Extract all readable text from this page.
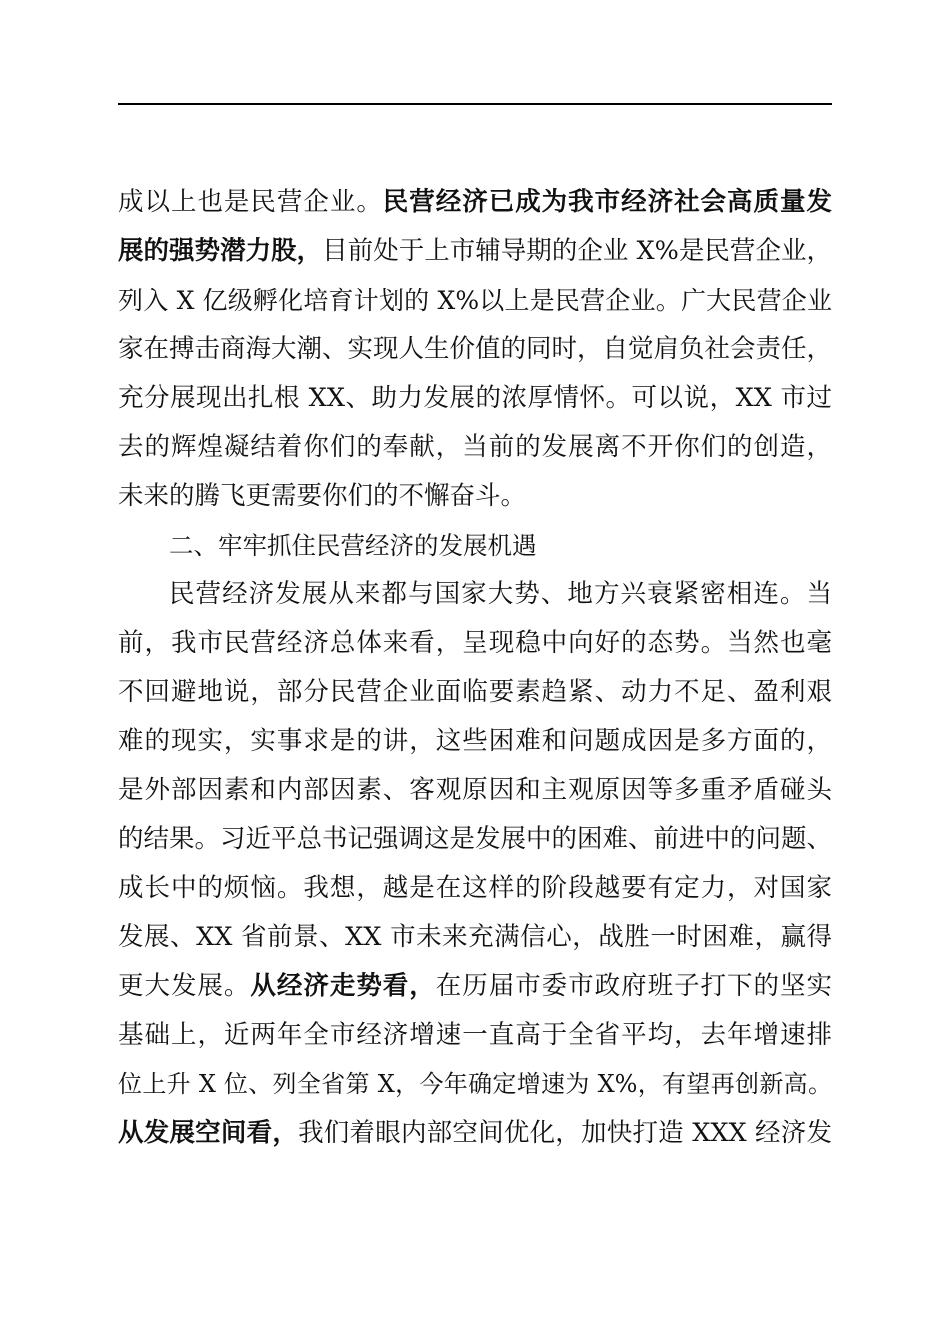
成以上也是民营企业。民营经济已成为我市经济社会高质量发
展的强势潜力股，目前处于上市辅导期的企业 X%是民营企业，
列入 X 亿级孵化培育计划的 X%以上是民营企业。广大民营企业
家在搏击商海大潮、实现人生价值的同时，自觉肩负社会责任，
充分展现出扎根 XX、助力发展的浓厚情怀。可以说，XX 市过
去的辉煌凝结着你们的奉献，当前的发展离不开你们的创造，
未来的腾飞更需要你们的不懈奋斗。
二、牢牢抓住民营经济的发展机遇
民营经济发展从来都与国家大势、地方兴衰紧密相连。当
前，我市民营经济总体来看，呈现稳中向好的态势。当然也毫
不回避地说，部分民营企业面临要素趋紧、动力不足、盈利艰
难的现实，实事求是的讲，这些困难和问题成因是多方面的，
是外部因素和内部因素、客观原因和主观原因等多重矛盾碰头
的结果。习近平总书记强调这是发展中的困难、前进中的问题、
成长中的烦恼。我想，越是在这样的阶段越要有定力，对国家
发展、XX 省前景、XX 市未来充满信心，战胜一时困难，赢得
更大发展。从经济走势看，在历届市委市政府班子打下的坚实
基础上，近两年全市经济增速一直高于全省平均，去年增速排
位上升 X 位、列全省第 X，今年确定增速为 X%，有望再创新高。
从发展空间看，我们着眼内部空间优化，加快打造 XXX 经济发
